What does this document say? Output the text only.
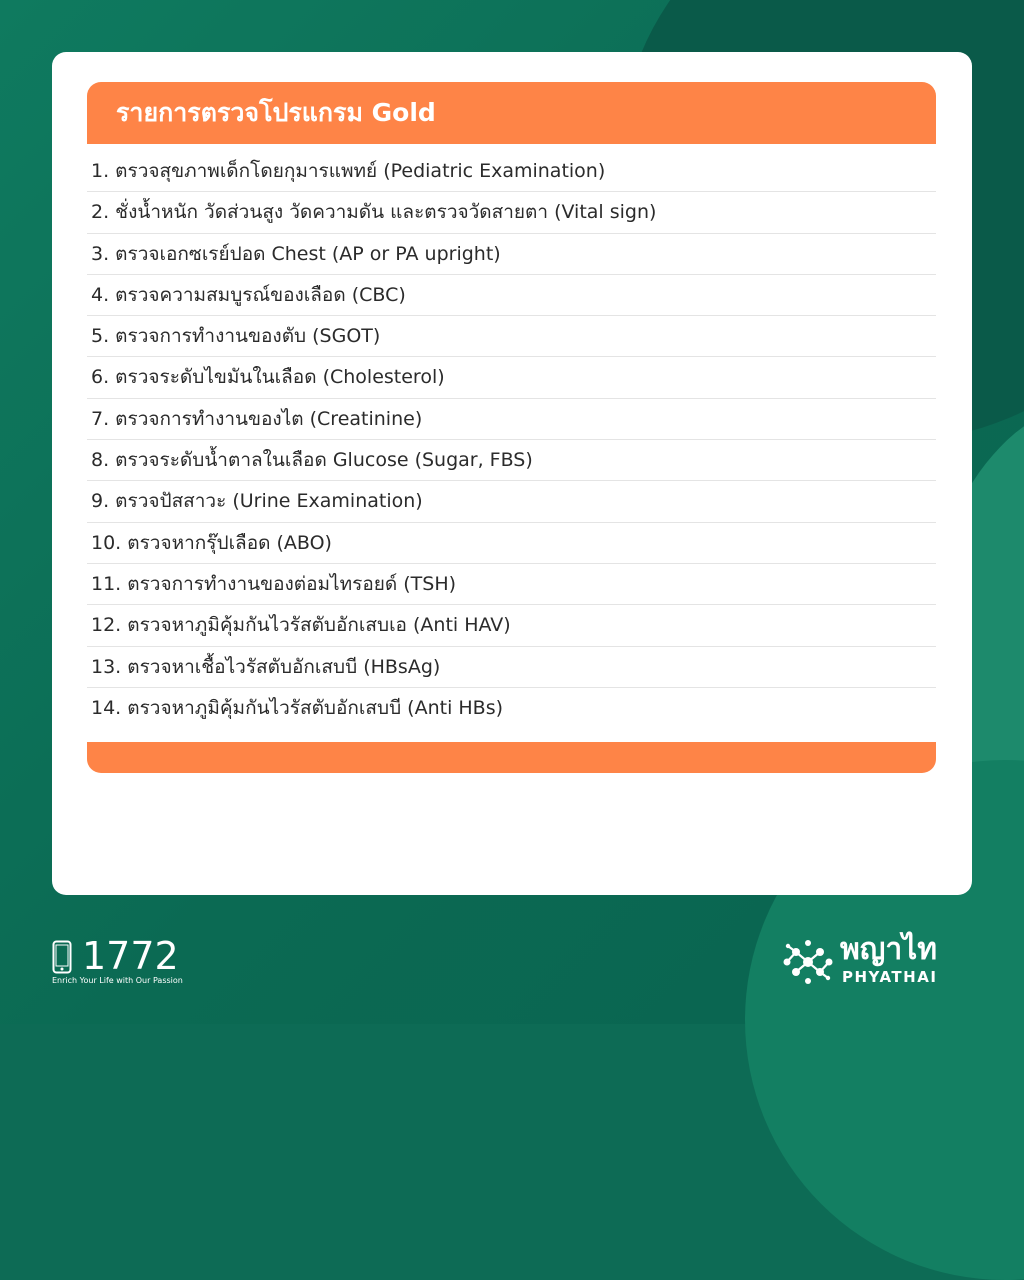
รายการตรวจโปรแกรม Gold
1. ตรวจสุขภาพเด็กโดยกุมารแพทย์ (Pediatric Examination)
2. ชั่งน้ำหนัก วัดส่วนสูง วัดความดัน และตรวจวัดสายตา (Vital sign)
3. ตรวจเอกซเรย์ปอด Chest (AP or PA upright)
4. ตรวจความสมบูรณ์ของเลือด (CBC)
5. ตรวจการทำงานของตับ (SGOT)
6. ตรวจระดับไขมันในเลือด (Cholesterol)
7. ตรวจการทำงานของไต (Creatinine)
8. ตรวจระดับน้ำตาลในเลือด Glucose (Sugar, FBS)
9. ตรวจปัสสาวะ (Urine Examination)
10. ตรวจหากรุ๊ปเลือด (ABO)
11. ตรวจการทำงานของต่อมไทรอยด์ (TSH)
12. ตรวจหาภูมิคุ้มกันไวรัสตับอักเสบเอ (Anti HAV)
13. ตรวจหาเชื้อไวรัสตับอักเสบบี (HBsAg)
14. ตรวจหาภูมิคุ้มกันไวรัสตับอักเสบบี (Anti HBs)
1772
Enrich Your Life with Our Passion
พญาไท
PHYATHAI
